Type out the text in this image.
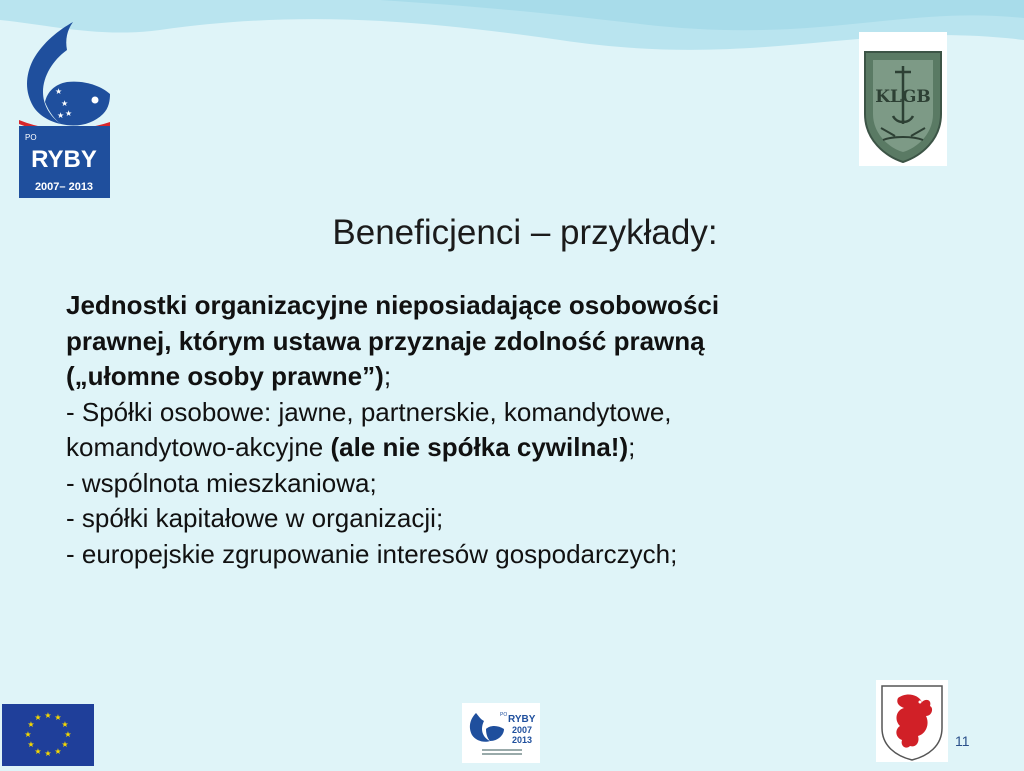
★
★
★ ★
PO
RYBY
2007– 2013
KLGB
Beneficjenci – przykłady:
Jednostki organizacyjne nieposiadające osobowości
prawnej, którym ustawa przyznaje zdolność prawną
(„ułomne osoby prawne”);
- Spółki osobowe: jawne, partnerskie, komandytowe,
komandytowo-akcyjne (ale nie spółka cywilna!);
- wspólnota mieszkaniowa;
- spółki kapitałowe w organizacji;
- europejskie zgrupowanie interesów gospodarczych;
★ ★
★
★
★
★
★
★
★
★
★
★	PO RYBY
2007
2013	11
